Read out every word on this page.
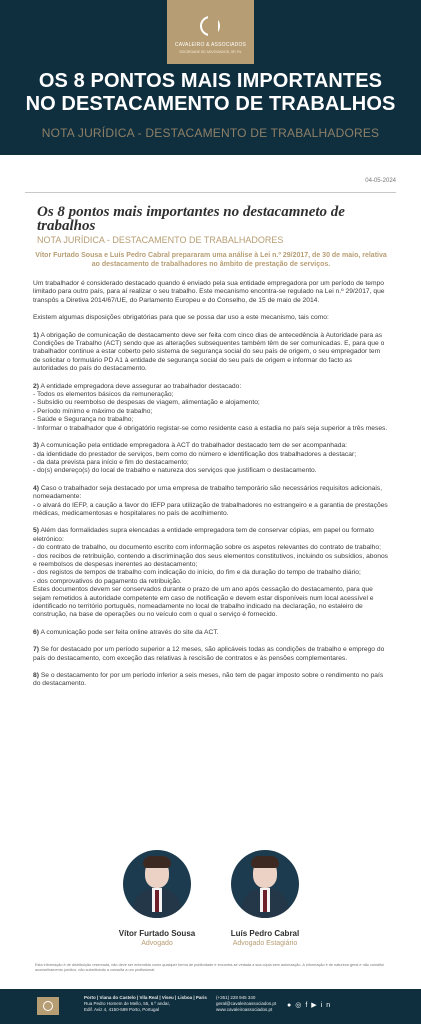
CAVALEIRO & ASSOCIADOS
SOCIEDADE DE ADVOGADOS, SP, RL
OS 8 PONTOS MAIS IMPORTANTES
NO DESTACAMENTO DE TRABALHOS
NOTA JURÍDICA - DESTACAMENTO DE TRABALHADORES
04-05-2024
Os 8 pontos mais importantes no destacamneto de trabalhos
NOTA JURÍDICA - DESTACAMENTO DE TRABALHADORES
Vítor Furtado Sousa e Luís Pedro Cabral prepararam uma análise à Lei n.º 29/2017, de 30 de maio, relativa ao destacamento de trabalhadores no âmbito de prestação de serviços.

Um trabalhador é considerado destacado quando é enviado pela sua entidade empregadora por um período de tempo limitado para outro país, para aí realizar o seu trabalho. Este mecanismo encontra-se regulado na Lei n.º 29/2017, que transpôs a Diretiva 2014/67/UE, do Parlamento Europeu e do Conselho, de 15 de maio de 2014.

Existem algumas disposições obrigatórias para que se possa dar uso a este mecanismo, tais como:

1) A obrigação de comunicação de destacamento deve ser feita com cinco dias de antecedência à Autoridade para as Condições de Trabalho (ACT) sendo que as alterações subsequentes também têm de ser comunicadas. E, para que o trabalhador continue a estar coberto pelo sistema de segurança social do seu país de origem, o seu empregador tem de solicitar o formulário PD A1 à entidade de segurança social do seu país de origem e informar do facto as autoridades do país do destacamento.

2) A entidade empregadora deve assegurar ao trabalhador destacado:
- Todos os elementos básicos da remuneração;
- Subsídio ou reembolso de despesas de viagem, alimentação e alojamento;
- Período mínimo e máximo de trabalho;
- Saúde e Segurança no trabalho;
- Informar o trabalhador que é obrigatório registar-se como residente caso a estadia no país seja superior a três meses.

3) A comunicação pela entidade empregadora à ACT do trabalhador destacado tem de ser acompanhada:
- da identidade do prestador de serviços, bem como do número e identificação dos trabalhadores a destacar;
- da data prevista para início e fim do destacamento;
- do(s) endereço(s) do local de trabalho e natureza dos serviços que justificam o destacamento.

4) Caso o trabalhador seja destacado por uma empresa de trabalho temporário são necessários requisitos adicionais, nomeadamente:
- o alvará do IEFP, a caução a favor do IEFP para utilização de trabalhadores no estrangeiro e a garantia de prestações médicas, medicamentosas e hospitalares no país de acolhimento.

5) Além das formalidades supra elencadas a entidade empregadora tem de conservar cópias, em papel ou formato eletrónico:
- do contrato de trabalho, ou documento escrito com informação sobre os aspetos relevantes do contrato de trabalho;
- dos recibos de retribuição, contendo a discriminação dos seus elementos constitutivos, incluindo os subsídios, abonos e reembolsos de despesas inerentes ao destacamento;
- dos registos de tempos de trabalho com indicação do início, do fim e da duração do tempo de trabalho diário;
- dos comprovativos do pagamento da retribuição.
Estes documentos devem ser conservados durante o prazo de um ano após cessação do destacamento, para que sejam remetidos à autoridade competente em caso de notificação e devem estar disponíveis num local acessível e identificado no território português, nomeadamente no local de trabalho indicado na declaração, no estaleiro de construção, na base de operações ou no veículo com o qual o serviço é fornecido.

6) A comunicação pode ser feita online através do site da ACT.

7) Se for destacado por um período superior a 12 meses, são aplicáveis todas as condições de trabalho e emprego do país do destacamento, com exceção das relativas à rescisão de contratos e às pensões complementares.

8) Se o destacamento for por um período inferior a seis meses, não tem de pagar imposto sobre o rendimento no país do destacamento.

Vítor Furtado Sousa
Advogado
Luís Pedro Cabral
Advogado Estagiário
Esta informação é de distribuição reservada, não deve ser entendida como qualquer forma de publicidade e encontra-se vedada a sua cópia sem autorização. A informação é de natureza geral e não constitui aconselhamento jurídico, não substituindo a consulta a um profissional.
Porto | Viana do Castelo | Vila Real | Viseu | Lisboa | Paris
Rua Pedro Homem de Mello, 55, 6.º andar,
Edif. Aviz 4, 4150-599 Porto, Portugal
(+351) 228 945 340
geral@cavaleiroassociados.pt
www.cavaleiroassociados.pt
●◎f▶in
